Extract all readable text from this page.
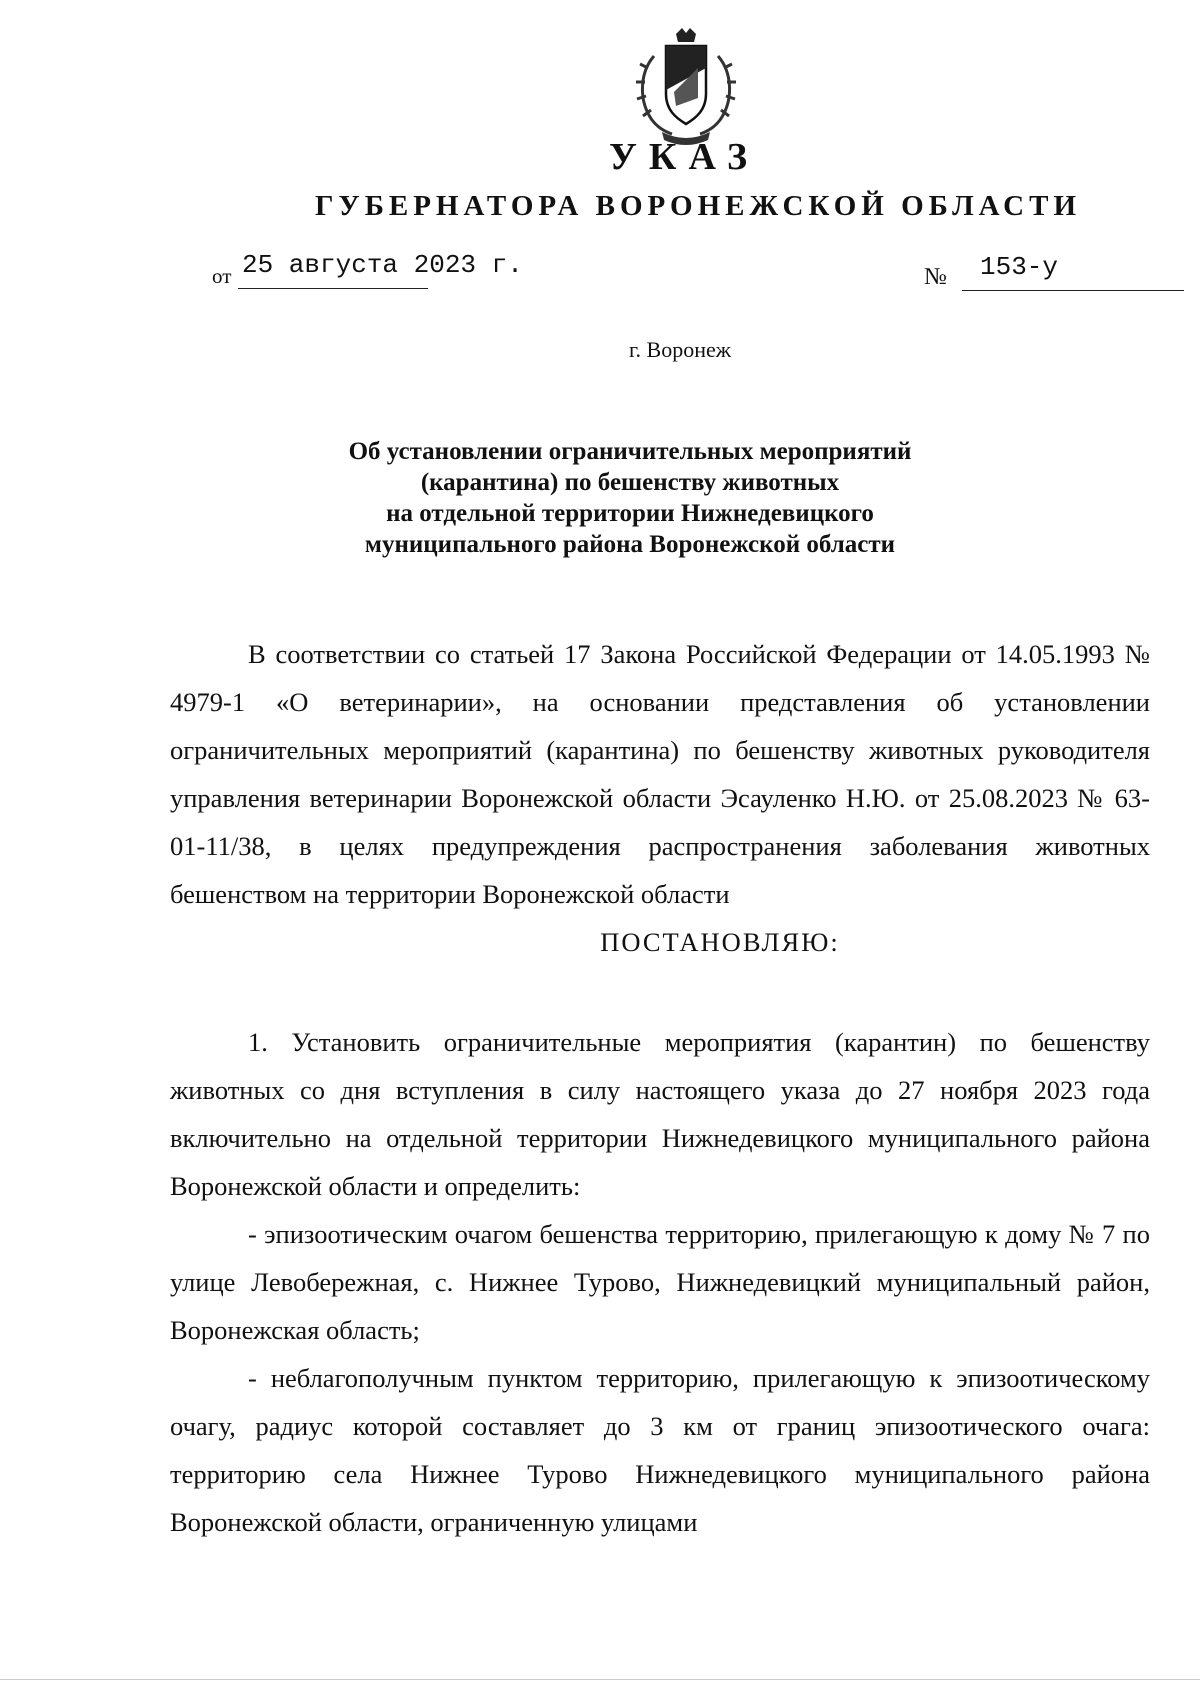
УКАЗ
ГУБЕРНАТОРА ВОРОНЕЖСКОЙ ОБЛАСТИ
от 25 августа 2023 г.	№ 153-у
г. Воронеж
Об установлении ограничительных мероприятий
(карантина) по бешенству животных
на отдельной территории Нижнедевицкого
муниципального района Воронежской области
В соответствии со статьей 17 Закона Российской Федерации от 14.05.1993 № 4979-1 «О ветеринарии», на основании представления об установлении ограничительных мероприятий (карантина) по бешенству животных руководителя управления ветеринарии Воронежской области Эсауленко Н.Ю. от 25.08.2023 № 63-01-11/38, в целях предупреждения распространения заболевания животных бешенством на территории Воронежской области
ПОСТАНОВЛЯЮ:
1. Установить ограничительные мероприятия (карантин) по бешенству животных со дня вступления в силу настоящего указа до 27 ноября 2023 года включительно на отдельной территории Нижнедевицкого муниципального района Воронежской области и определить:
- эпизоотическим очагом бешенства территорию, прилегающую к дому № 7 по улице Левобережная, с. Нижнее Турово, Нижнедевицкий муниципальный район, Воронежская область;
- неблагополучным пунктом территорию, прилегающую к эпизоотическому очагу, радиус которой составляет до 3 км от границ эпизоотического очага: территорию села Нижнее Турово Нижнедевицкого муниципального района Воронежской области, ограниченную улицами
